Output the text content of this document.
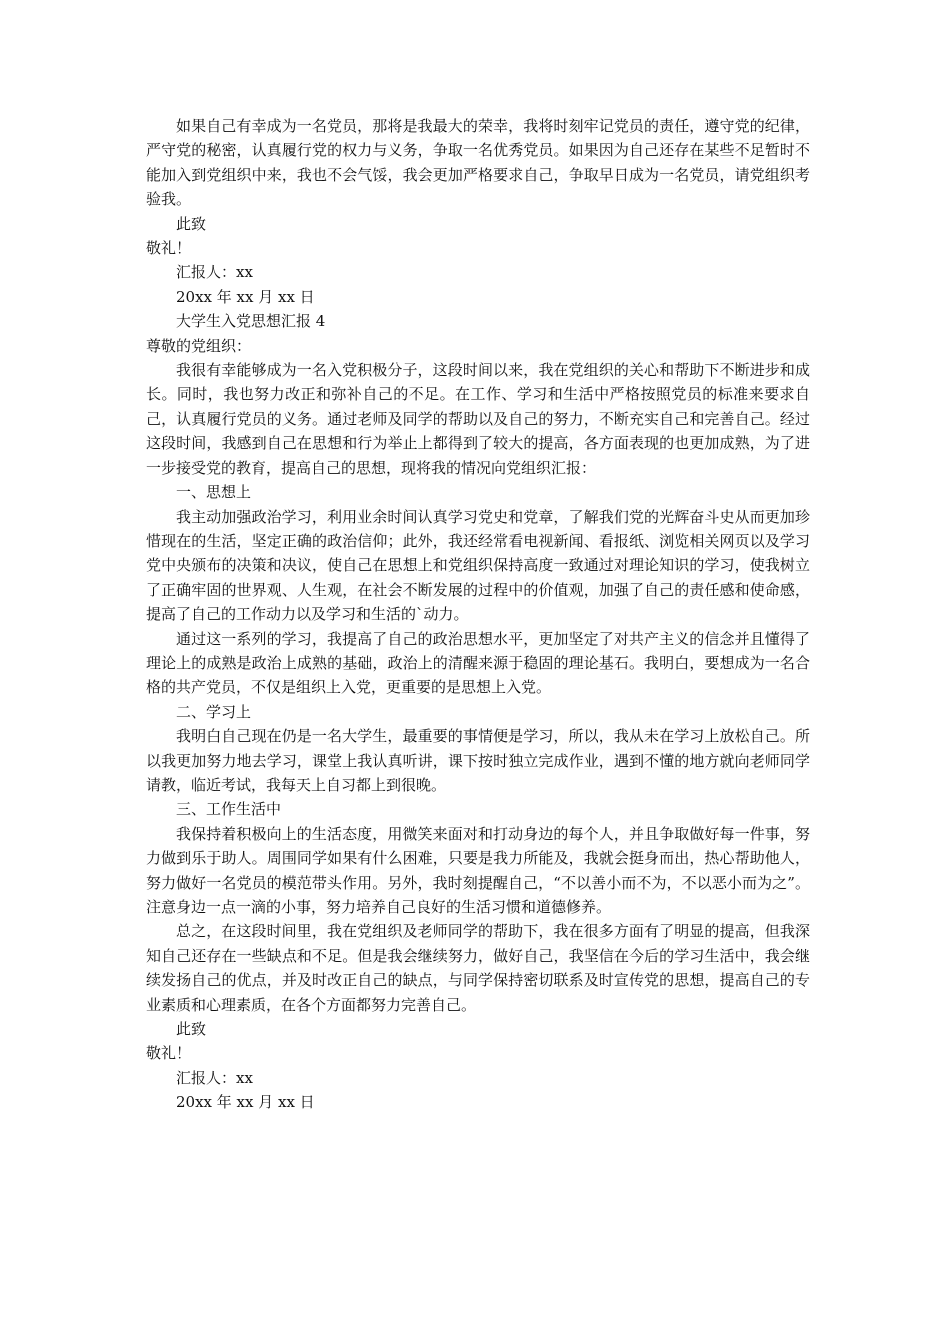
如果自己有幸成为一名党员，那将是我最大的荣幸，我将时刻牢记党员的责任，遵守党的纪律，严守党的秘密，认真履行党的权力与义务，争取一名优秀党员。如果因为自己还存在某些不足暂时不能加入到党组织中来，我也不会气馁，我会更加严格要求自己，争取早日成为一名党员，请党组织考验我。

此致

敬礼！

汇报人：xx

20xx 年 xx 月 xx 日

大学生入党思想汇报 4

尊敬的党组织：

我很有幸能够成为一名入党积极分子，这段时间以来，我在党组织的关心和帮助下不断进步和成长。同时，我也努力改正和弥补自己的不足。在工作、学习和生活中严格按照党员的标准来要求自己，认真履行党员的义务。通过老师及同学的帮助以及自己的努力，不断充实自己和完善自己。经过这段时间，我感到自己在思想和行为举止上都得到了较大的提高，各方面表现的也更加成熟，为了进一步接受党的教育，提高自己的思想，现将我的情况向党组织汇报：

一、思想上

我主动加强政治学习，利用业余时间认真学习党史和党章，了解我们党的光辉奋斗史从而更加珍惜现在的生活，坚定正确的政治信仰；此外，我还经常看电视新闻、看报纸、浏览相关网页以及学习党中央颁布的决策和决议，使自己在思想上和党组织保持高度一致通过对理论知识的学习，使我树立了正确牢固的世界观、人生观，在社会不断发展的过程中的价值观，加强了自己的责任感和使命感，提高了自己的工作动力以及学习和生活的`动力。

通过这一系列的学习，我提高了自己的政治思想水平，更加坚定了对共产主义的信念并且懂得了理论上的成熟是政治上成熟的基础，政治上的清醒来源于稳固的理论基石。我明白，要想成为一名合格的共产党员，不仅是组织上入党，更重要的是思想上入党。

二、学习上

我明白自己现在仍是一名大学生，最重要的事情便是学习，所以，我从未在学习上放松自己。所以我更加努力地去学习，课堂上我认真听讲，课下按时独立完成作业，遇到不懂的地方就向老师同学请教，临近考试，我每天上自习都上到很晚。

三、工作生活中

我保持着积极向上的生活态度，用微笑来面对和打动身边的每个人，并且争取做好每一件事，努力做到乐于助人。周围同学如果有什么困难，只要是我力所能及，我就会挺身而出，热心帮助他人，努力做好一名党员的模范带头作用。另外，我时刻提醒自己，“不以善小而不为，不以恶小而为之”。注意身边一点一滴的小事，努力培养自己良好的生活习惯和道德修养。

总之，在这段时间里，我在党组织及老师同学的帮助下，我在很多方面有了明显的提高，但我深知自己还存在一些缺点和不足。但是我会继续努力，做好自己，我坚信在今后的学习生活中，我会继续发扬自己的优点，并及时改正自己的缺点，与同学保持密切联系及时宣传党的思想，提高自己的专业素质和心理素质，在各个方面都努力完善自己。

此致

敬礼！

汇报人：xx

20xx 年 xx 月 xx 日
